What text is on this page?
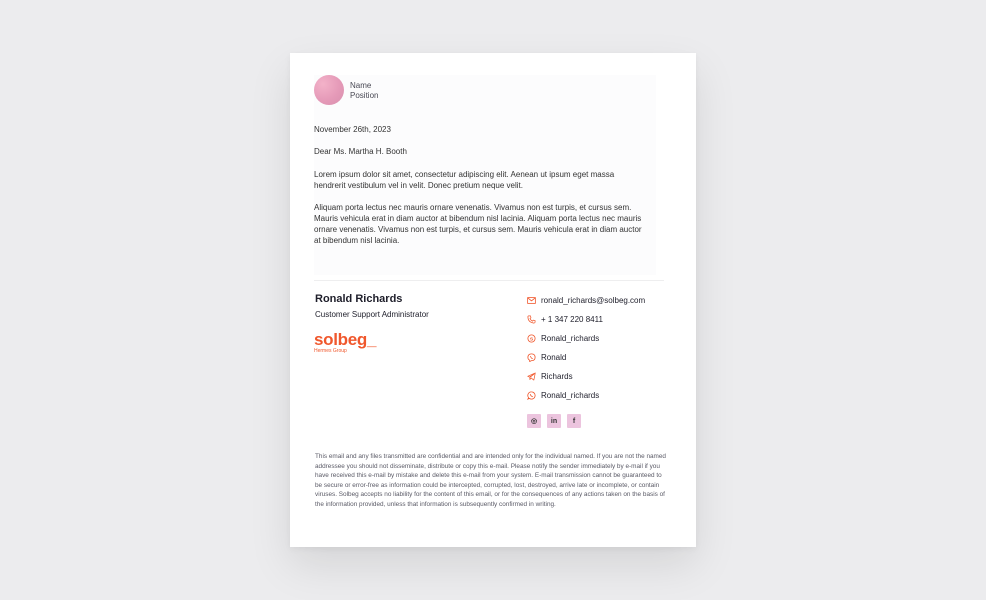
Name
Position
November 26th, 2023
Dear Ms. Martha H. Booth

Lorem ipsum dolor sit amet, consectetur adipiscing elit. Aenean ut ipsum eget massa hendrerit vestibulum vel in velit. Donec pretium neque velit.

Aliquam porta lectus nec mauris ornare venenatis. Vivamus non est turpis, et cursus sem. Mauris vehicula erat in diam auctor at bibendum nisl lacinia. Aliquam porta lectus nec mauris ornare venenatis. Vivamus non est turpis, et cursus sem. Mauris vehicula erat in diam auctor at bibendum nisl lacinia.

Ronald Richards
Customer Support Administrator
solbeg_
Hermes Group
ronald_richards@solbeg.com
+ 1 347 220 8411
S Ronald_richards
Ronald
Richards
Ronald_richards
◎	in	f

This email and any files transmitted are confidential and are intended only for the individual named. If you are not the named addressee you should not disseminate, distribute or copy this e-mail. Please notify the sender immediately by e-mail if you have received this e-mail by mistake and delete this e-mail from your system. E-mail transmission cannot be guaranteed to be secure or error-free as information could be intercepted, corrupted, lost, destroyed, arrive late or incomplete, or contain viruses. Solbeg accepts no liability for the content of this email, or for the consequences of any actions taken on the basis of the information provided, unless that information is subsequently confirmed in writing.
